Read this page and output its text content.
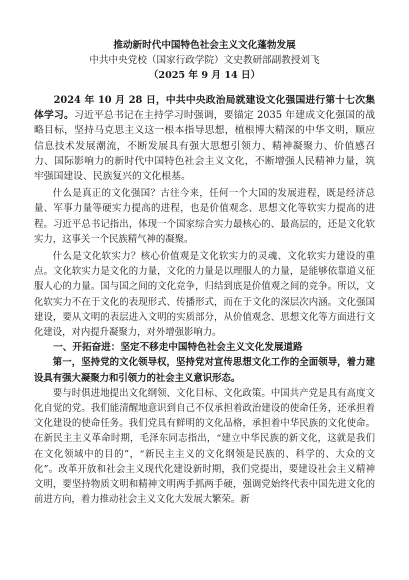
推动新时代中国特色社会主义文化蓬勃发展

中共中央党校（国家行政学院）文史教研部副教授刘飞

（2025 年 9 月 14 日）

2024 年 10 月 28 日，中共中央政治局就建设文化强国进行第十七次集体学习。习近平总书记在主持学习时强调，要锚定 2035 年建成文化强国的战略目标，坚持马克思主义这一根本指导思想，植根博大精深的中华文明，顺应信息技术发展潮流，不断发展具有强大思想引领力、精神凝聚力、价值感召力、国际影响力的新时代中国特色社会主义文化，不断增强人民精神力量，筑牢强国建设、民族复兴的文化根基。

什么是真正的文化强国？古往今来，任何一个大国的发展进程，既是经济总量、军事力量等硬实力提高的进程，也是价值观念、思想文化等软实力提高的进程。习近平总书记指出，体现一个国家综合实力最核心的、最高层的，还是文化软实力，这事关一个民族精气神的凝聚。

什么是文化软实力？核心价值观是文化软实力的灵魂、文化软实力建设的重点。文化软实力是文化的力量，文化的力量是以理服人的力量，是能够依靠道义征服人心的力量。国与国之间的文化竞争，归结到底是价值观之间的竞争。所以，文化软实力不在于文化的表现形式、传播形式，而在于文化的深层次内涵。文化强国建设，要从文明的表层进入文明的实质部分，从价值观念、思想文化等方面进行文化建设，对内提升凝聚力，对外增强影响力。

一、开拓奋进：坚定不移走中国特色社会主义文化发展道路

第一，坚持党的文化领导权，坚持党对宣传思想文化工作的全面领导，着力建设具有强大凝聚力和引领力的社会主义意识形态。

要与时俱进地提出文化纲领、文化目标、文化政策。中国共产党是具有高度文化自觉的党。我们能清醒地意识到自己不仅承担着政治建设的使命任务，还承担着文化建设的使命任务。我们党具有鲜明的文化品格，承担着中华民族的文化使命。在新民主主义革命时期，毛泽东同志指出，“建立中华民族的新文化，这就是我们在文化领域中的目的”，“新民主主义的文化纲领是民族的、科学的、大众的文化”。改革开放和社会主义现代化建设新时期，我们党提出，要建设社会主义精神文明，要坚持物质文明和精神文明两手抓两手硬，强调党始终代表中国先进文化的前进方向，着力推动社会主义文化大发展大繁荣。新
